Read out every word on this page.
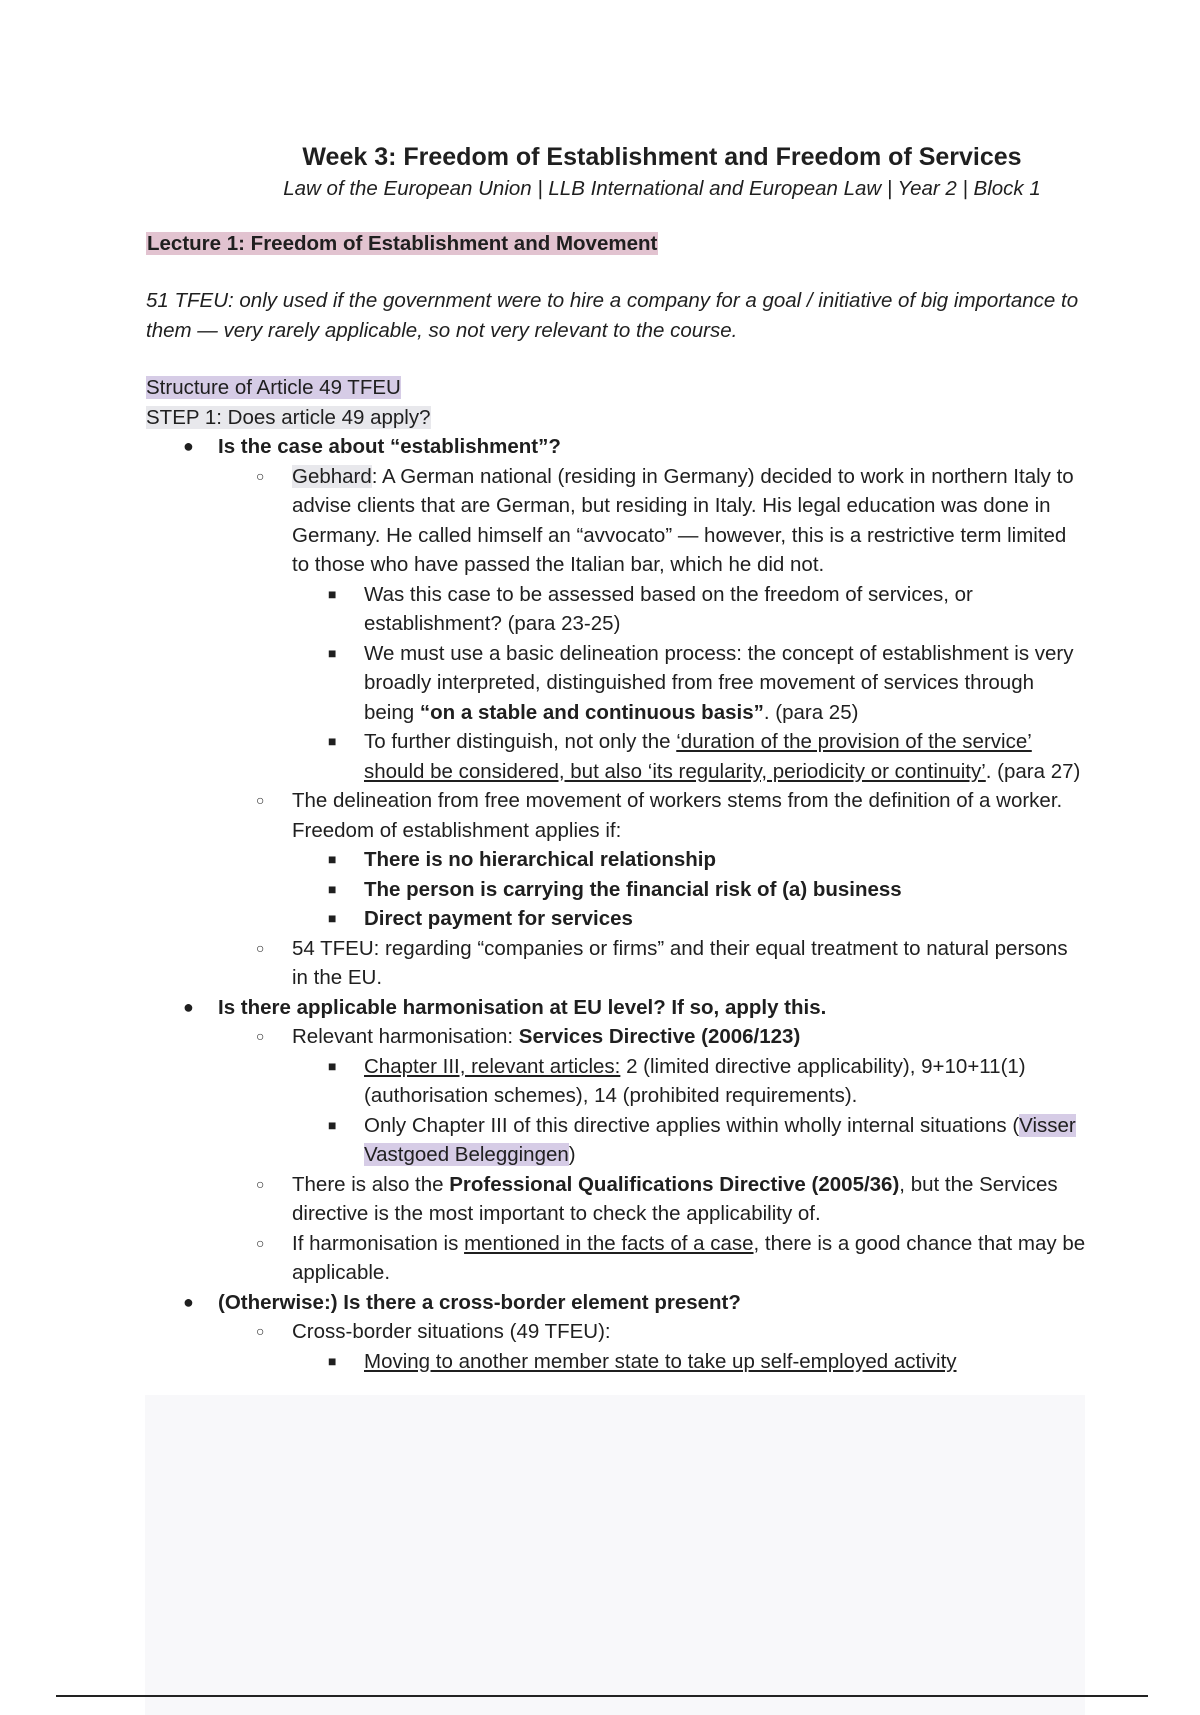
Week 3: Freedom of Establishment and Freedom of Services

Law of the European Union | LLB International and European Law | Year 2 | Block 1

Lecture 1: Freedom of Establishment and Movement
51 TFEU: only used if the government were to hire a company for a goal / initiative of big importance to them — very rarely applicable, so not very relevant to the course.
Structure of Article 49 TFEU
STEP 1: Does article 49 apply?
● Is the case about “establishment”?
○ Gebhard: A German national (residing in Germany) decided to work in northern Italy to advise clients that are German, but residing in Italy. His legal education was done in Germany. He called himself an “avvocato” — however, this is a restrictive term limited to those who have passed the Italian bar, which he did not.
■ Was this case to be assessed based on the freedom of services, or establishment? (para 23-25)
■ We must use a basic delineation process: the concept of establishment is very broadly interpreted, distinguished from free movement of services through being “on a stable and continuous basis”. (para 25)
■ To further distinguish, not only the ‘duration of the provision of the service’ should be considered, but also ‘its regularity, periodicity or continuity’. (para 27)
○ The delineation from free movement of workers stems from the definition of a worker. Freedom of establishment applies if:
■ There is no hierarchical relationship
■ The person is carrying the financial risk of (a) business
■ Direct payment for services
○ 54 TFEU: regarding “companies or firms” and their equal treatment to natural persons in the EU.
● Is there applicable harmonisation at EU level? If so, apply this.
○ Relevant harmonisation: Services Directive (2006/123)
■ Chapter III, relevant articles: 2 (limited directive applicability), 9+10+11(1) (authorisation schemes), 14 (prohibited requirements).
■ Only Chapter III of this directive applies within wholly internal situations (Visser Vastgoed Beleggingen)
○ There is also the Professional Qualifications Directive (2005/36), but the Services directive is the most important to check the applicability of.
○ If harmonisation is mentioned in the facts of a case, there is a good chance that may be applicable.
● (Otherwise:) Is there a cross-border element present?
○ Cross-border situations (49 TFEU):
■ Moving to another member state to take up self-employed activity
